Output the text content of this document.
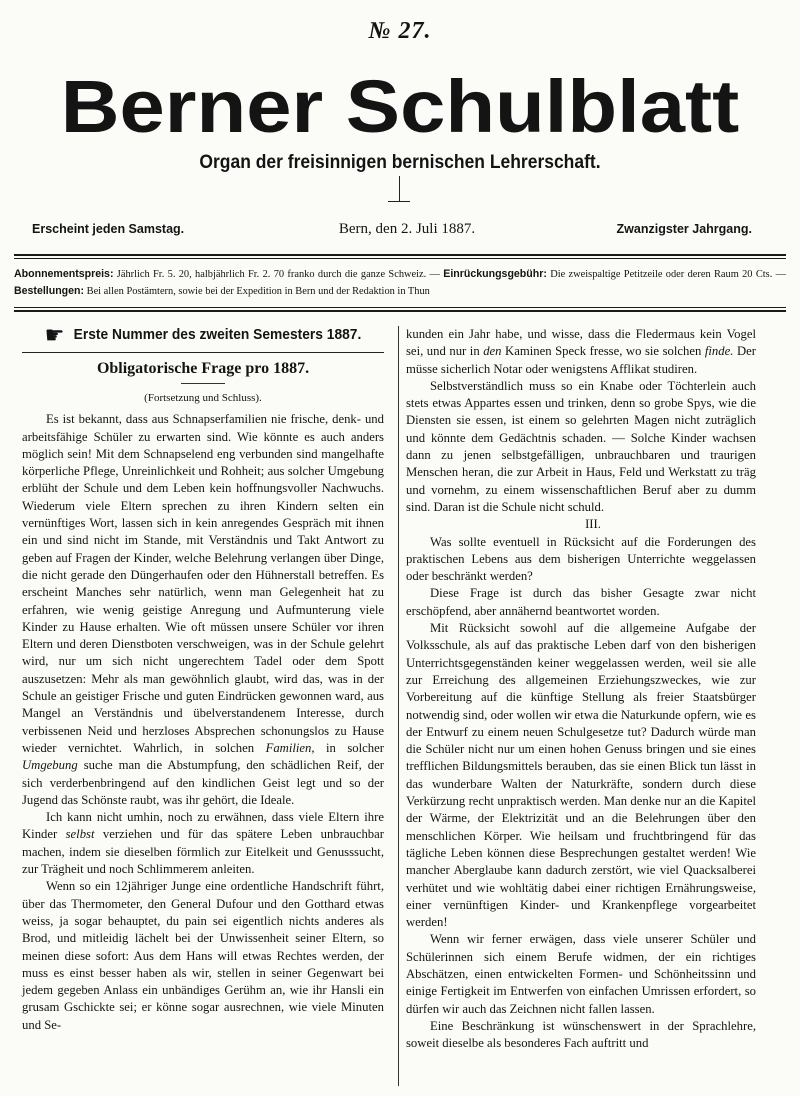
№ 27.
Berner Schulblatt
Organ der freisinnigen bernischen Lehrerschaft.
Erscheint jeden Samstag.	Bern, den 2. Juli 1887.	Zwanzigster Jahrgang.
Abonnementspreis: Jährlich Fr. 5. 20, halbjährlich Fr. 2. 70 franko durch die ganze Schweiz. — Einrückungsgebühr: Die zweispaltige Petitzeile oder deren Raum 20 Cts. — Bestellungen: Bei allen Postämtern, sowie bei der Expedition in Bern und der Redaktion in Thun
☛ Erste Nummer des zweiten Semesters 1887.
Obligatorische Frage pro 1887.
(Fortsetzung und Schluss).

Es ist bekannt, dass aus Schnapserfamilien nie frische, denk- und arbeitsfähige Schüler zu erwarten sind. Wie könnte es auch anders möglich sein! Mit dem Schnapselend eng verbunden sind mangelhafte körperliche Pflege, Unreinlichkeit und Rohheit; aus solcher Umgebung erblüht der Schule und dem Leben kein hoffnungsvoller Nachwuchs. Wiederum viele Eltern sprechen zu ihren Kindern selten ein vernünftiges Wort, lassen sich in kein anregendes Gespräch mit ihnen ein und sind nicht im Stande, mit Verständnis und Takt Antwort zu geben auf Fragen der Kinder, welche Belehrung verlangen über Dinge, die nicht gerade den Düngerhaufen oder den Hühnerstall betreffen. Es erscheint Manches sehr natürlich, wenn man Gelegenheit hat zu erfahren, wie wenig geistige Anregung und Aufmunterung viele Kinder zu Hause erhalten. Wie oft müssen unsere Schüler vor ihren Eltern und deren Dienstboten verschweigen, was in der Schule gelehrt wird, nur um sich nicht ungerechtem Tadel oder dem Spott auszusetzen: Mehr als man gewöhnlich glaubt, wird das, was in der Schule an geistiger Frische und guten Eindrücken gewonnen ward, aus Mangel an Verständnis und übelverstandenem Interesse, durch verbissenen Neid und herzloses Absprechen schonungslos zu Hause wieder vernichtet. Wahrlich, in solchen Familien, in solcher Umgebung suche man die Abstumpfung, den schädlichen Reif, der sich verderbenbringend auf den kindlichen Geist legt und so der Jugend das Schönste raubt, was ihr gehört, die Ideale.

Ich kann nicht umhin, noch zu erwähnen, dass viele Eltern ihre Kinder selbst verziehen und für das spätere Leben unbrauchbar machen, indem sie dieselben förmlich zur Eitelkeit und Genusssucht, zur Trägheit und noch Schlimmerem anleiten.

Wenn so ein 12jähriger Junge eine ordentliche Handschrift führt, über das Thermometer, den General Dufour und den Gotthard etwas weiss, ja sogar behauptet, du pain sei eigentlich nichts anderes als Brod, und mitleidig lächelt bei der Unwissenheit seiner Eltern, so meinen diese sofort: Aus dem Hans will etwas Rechtes werden, der muss es einst besser haben als wir, stellen in seiner Gegenwart bei jedem gegeben Anlass ein unbändiges Gerühm an, wie ihr Hansli ein grusam Gschickte sei; er könne sogar ausrechnen, wie viele Minuten und Se-

kunden ein Jahr habe, und wisse, dass die Fledermaus kein Vogel sei, und nur in den Kaminen Speck fresse, wo sie solchen finde. Der müsse sicherlich Notar oder wenigstens Afflikat studiren.

Selbstverständlich muss so ein Knabe oder Töchterlein auch stets etwas Appartes essen und trinken, denn so grobe Spys, wie die Diensten sie essen, ist einem so gelehrten Magen nicht zuträglich und könnte dem Gedächtnis schaden. — Solche Kinder wachsen dann zu jenen selbstgefälligen, unbrauchbaren und traurigen Menschen heran, die zur Arbeit in Haus, Feld und Werkstatt zu träg und vornehm, zu einem wissenschaftlichen Beruf aber zu dumm sind. Daran ist die Schule nicht schuld.

III.

Was sollte eventuell in Rücksicht auf die Forderungen des praktischen Lebens aus dem bisherigen Unterrichte weggelassen oder beschränkt werden?

Diese Frage ist durch das bisher Gesagte zwar nicht erschöpfend, aber annähernd beantwortet worden.

Mit Rücksicht sowohl auf die allgemeine Aufgabe der Volksschule, als auf das praktische Leben darf von den bisherigen Unterrichtsgegenständen keiner weggelassen werden, weil sie alle zur Erreichung des allgemeinen Erziehungszweckes, wie zur Vorbereitung auf die künftige Stellung als freier Staatsbürger notwendig sind, oder wollen wir etwa die Naturkunde opfern, wie es der Entwurf zu einem neuen Schulgesetze tut? Dadurch würde man die Schüler nicht nur um einen hohen Genuss bringen und sie eines trefflichen Bildungsmittels berauben, das sie einen Blick tun lässt in das wunderbare Walten der Naturkräfte, sondern durch diese Verkürzung recht unpraktisch werden. Man denke nur an die Kapitel der Wärme, der Elektrizität und an die Belehrungen über den menschlichen Körper. Wie heilsam und fruchtbringend für das tägliche Leben können diese Besprechungen gestaltet werden! Wie mancher Aberglaube kann dadurch zerstört, wie viel Quacksalberei verhütet und wie wohltätig dabei einer richtigen Ernährungsweise, einer vernünftigen Kinder- und Krankenpflege vorgearbeitet werden!

Wenn wir ferner erwägen, dass viele unserer Schüler und Schülerinnen sich einem Berufe widmen, der ein richtiges Abschätzen, einen entwickelten Formen- und Schönheitssinn und einige Fertigkeit im Entwerfen von einfachen Umrissen erfordert, so dürfen wir auch das Zeichnen nicht fallen lassen.

Eine Beschränkung ist wünschenswert in der Sprachlehre, soweit dieselbe als besonderes Fach auftritt und
